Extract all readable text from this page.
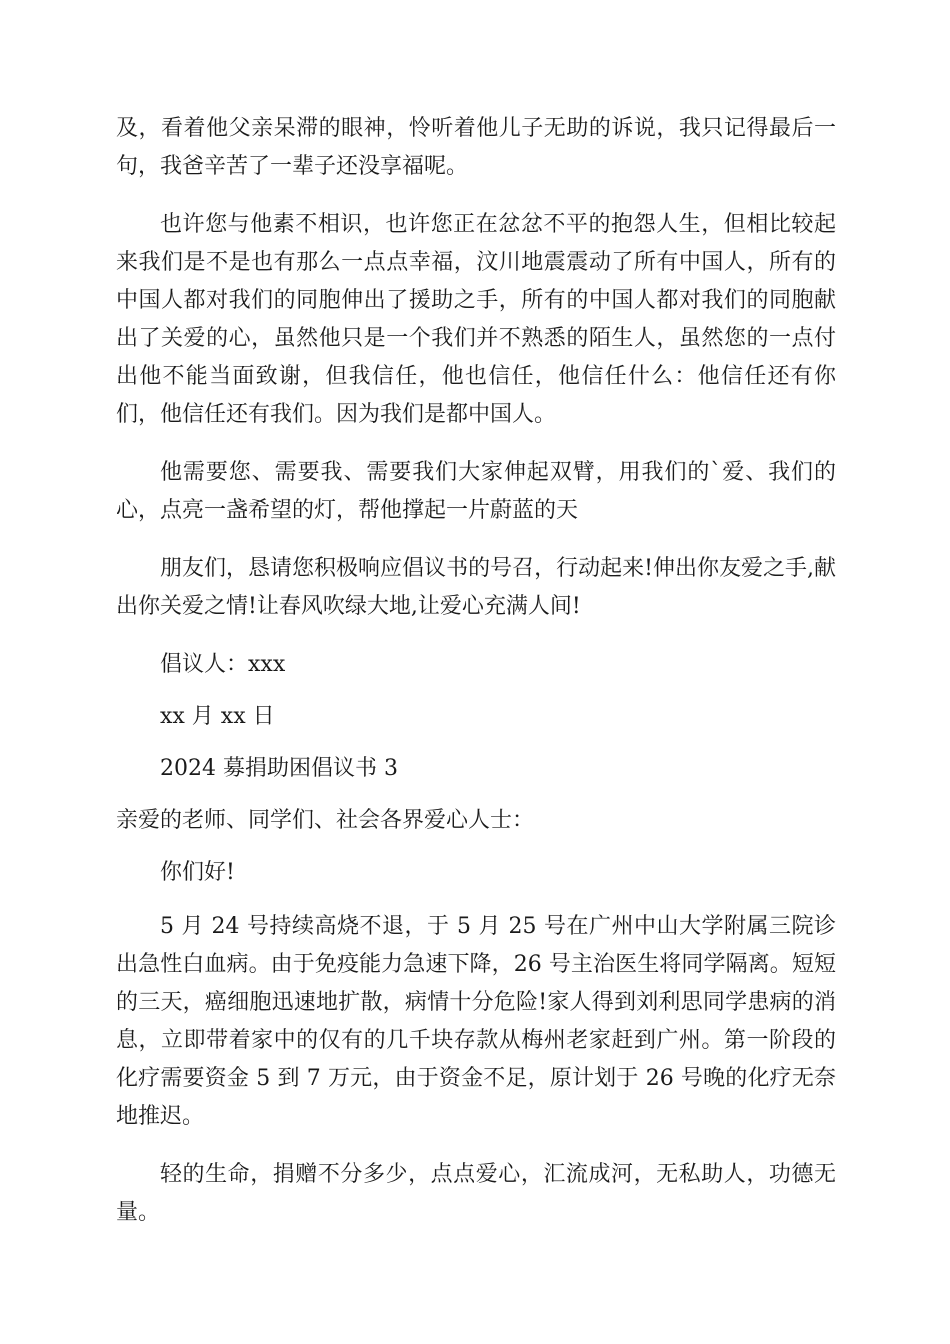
及，看着他父亲呆滞的眼神，怜听着他儿子无助的诉说，我只记得最后一句，我爸辛苦了一辈子还没享福呢。

也许您与他素不相识，也许您正在忿忿不平的抱怨人生，但相比较起来我们是不是也有那么一点点幸福，汶川地震震动了所有中国人，所有的中国人都对我们的同胞伸出了援助之手，所有的中国人都对我们的同胞献出了关爱的心，虽然他只是一个我们并不熟悉的陌生人，虽然您的一点付出他不能当面致谢，但我信任，他也信任，他信任什么：他信任还有你们，他信任还有我们。因为我们是都中国人。

他需要您、需要我、需要我们大家伸起双臂，用我们的`爱、我们的心，点亮一盏希望的灯，帮他撑起一片蔚蓝的天

朋友们，恳请您积极响应倡议书的号召，行动起来!伸出你友爱之手,献出你关爱之情!让春风吹绿大地,让爱心充满人间!

倡议人：xxx

xx 月 xx 日

2024 募捐助困倡议书 3

亲爱的老师、同学们、社会各界爱心人士：

你们好!

5 月 24 号持续高烧不退，于 5 月 25 号在广州中山大学附属三院诊出急性白血病。由于免疫能力急速下降，26 号主治医生将同学隔离。短短的三天，癌细胞迅速地扩散，病情十分危险!家人得到刘利思同学患病的消息，立即带着家中的仅有的几千块存款从梅州老家赶到广州。第一阶段的化疗需要资金 5 到 7 万元，由于资金不足，原计划于 26 号晚的化疗无奈地推迟。

轻的生命，捐赠不分多少，点点爱心，汇流成河，无私助人，功德无量。
